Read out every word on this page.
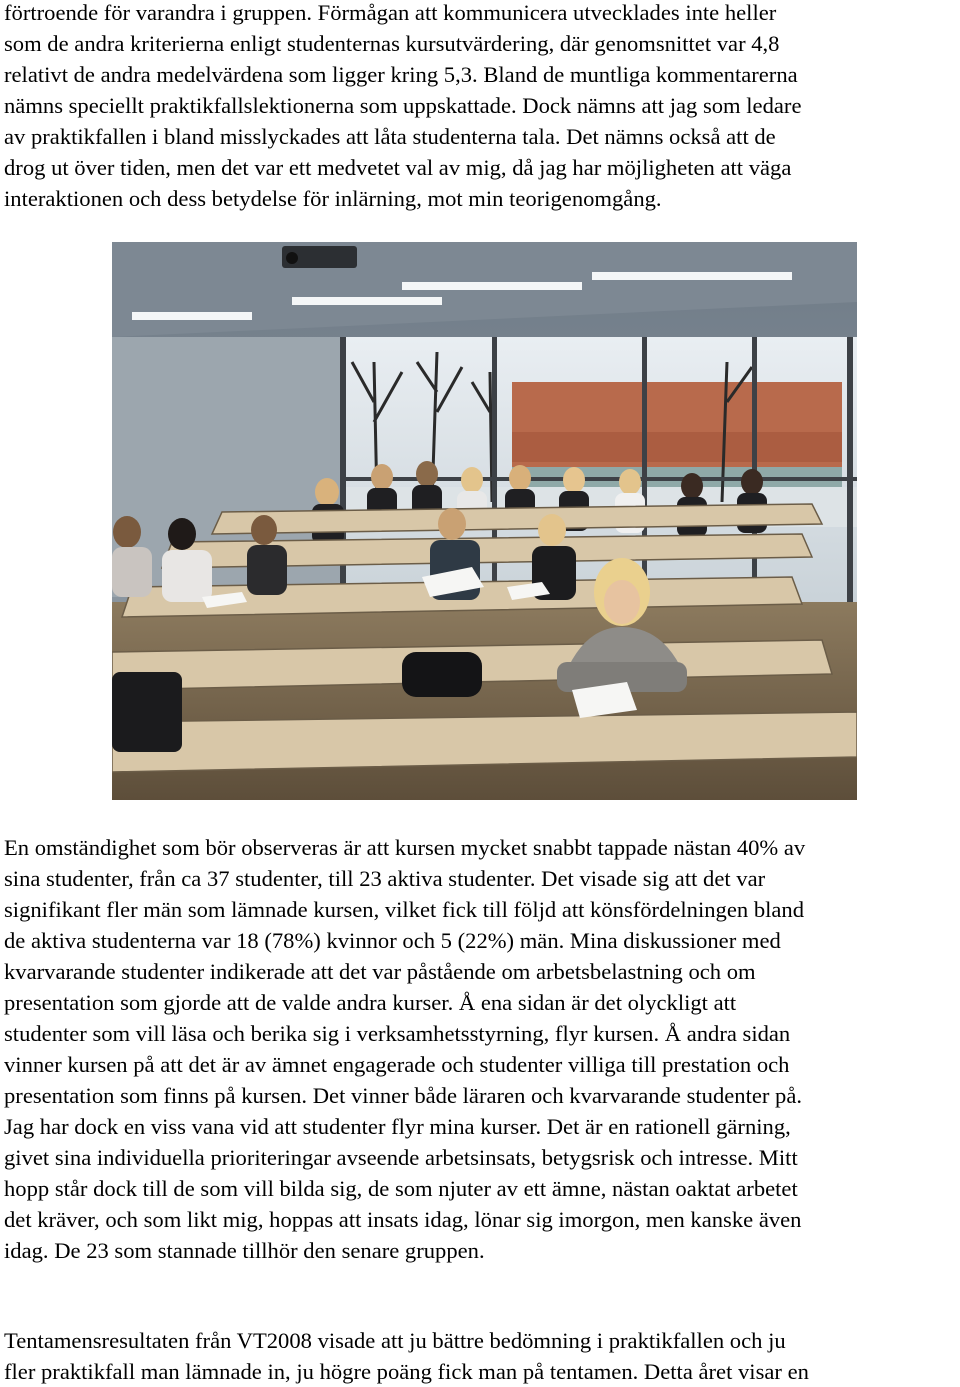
förtroende för varandra i gruppen. Förmågan att kommunicera utvecklades inte heller
som de andra kriterierna enligt studenternas kursutvärdering, där genomsnittet var 4,8
relativt de andra medelvärdena som ligger kring 5,3. Bland de muntliga kommentarerna
nämns speciellt praktikfallslektionerna som uppskattade. Dock nämns att jag som ledare
av praktikfallen i bland misslyckades att låta studenterna tala. Det nämns också att de
drog ut över tiden, men det var ett medvetet val av mig, då jag har möjligheten att väga
interaktionen och dess betydelse för inlärning, mot min teorigenomgång.

En omständighet som bör observeras är att kursen mycket snabbt tappade nästan 40% av
sina studenter, från ca 37 studenter, till 23 aktiva studenter. Det visade sig att det var
signifikant fler män som lämnade kursen, vilket fick till följd att könsfördelningen bland
de aktiva studenterna var 18 (78%) kvinnor och 5 (22%) män. Mina diskussioner med
kvarvarande studenter indikerade att det var påstående om arbetsbelastning och om
presentation som gjorde att de valde andra kurser. Å ena sidan är det olyckligt att
studenter som vill läsa och berika sig i verksamhetsstyrning, flyr kursen. Å andra sidan
vinner kursen på att det är av ämnet engagerade och studenter villiga till prestation och
presentation som finns på kursen. Det vinner både läraren och kvarvarande studenter på.
Jag har dock en viss vana vid att studenter flyr mina kurser. Det är en rationell gärning,
givet sina individuella prioriteringar avseende arbetsinsats, betygsrisk och intresse. Mitt
hopp står dock till de som vill bilda sig, de som njuter av ett ämne, nästan oaktat arbetet
det kräver, och som likt mig, hoppas att insats idag, lönar sig imorgon, men kanske även
idag. De 23 som stannade tillhör den senare gruppen.

Tentamensresultaten från VT2008 visade att ju bättre bedömning i praktikfallen och ju
fler praktikfall man lämnade in, ju högre poäng fick man på tentamen. Detta året visar en
